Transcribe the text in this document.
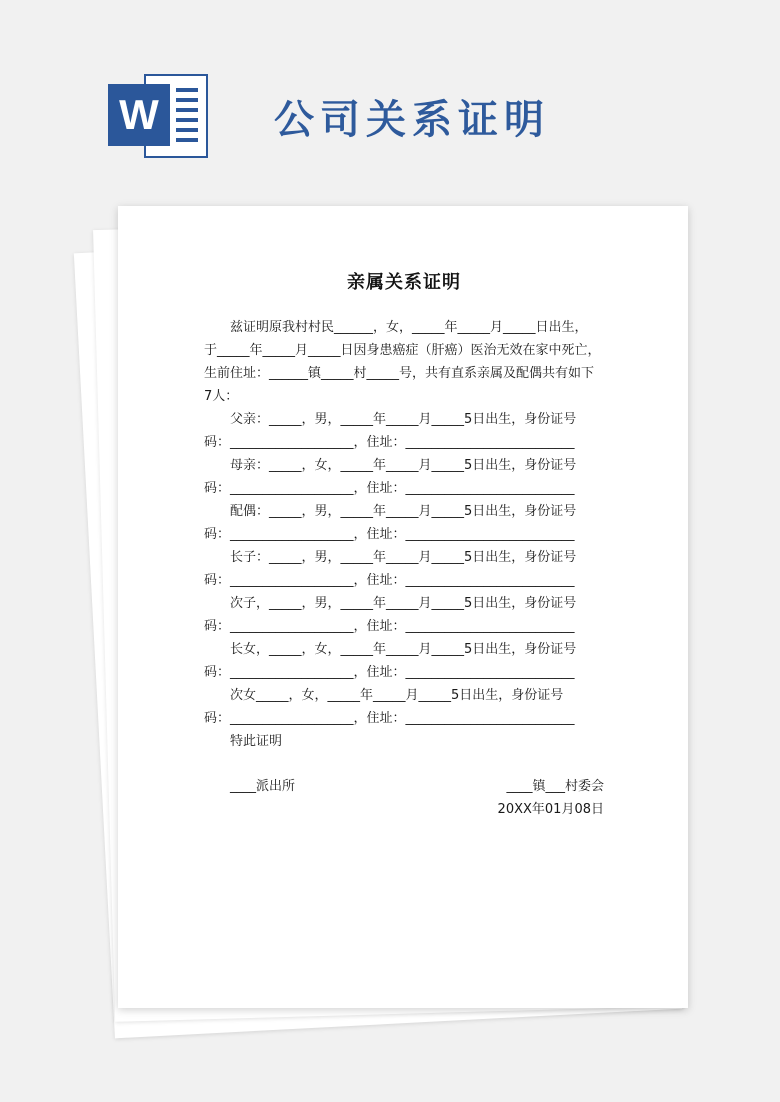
W	公司关系证明
亲属关系证明
兹证明原我村村民______，女，_____年_____月_____日出生，
于_____年_____月_____日因身患癌症（肝癌）医治无效在家中死亡，
生前住址：______镇_____村_____号，共有直系亲属及配偶共有如下
7人：
父亲：_____，男，_____年_____月_____5日出生，身份证号
码：___________________，住址：__________________________
母亲：_____，女，_____年_____月_____5日出生，身份证号
码：___________________，住址：__________________________
配偶：_____，男，_____年_____月_____5日出生，身份证号
码：___________________，住址：__________________________
长子：_____，男，_____年_____月_____5日出生，身份证号
码：___________________，住址：__________________________
次子，_____，男，_____年_____月_____5日出生，身份证号
码：___________________，住址：__________________________
长女，_____，女，_____年_____月_____5日出生，身份证号
码：___________________，住址：__________________________
次女_____，女，_____年_____月_____5日出生，身份证号
码：___________________，住址：__________________________
特此证明
____派出所	____镇___村委会
20XX年01月08日
